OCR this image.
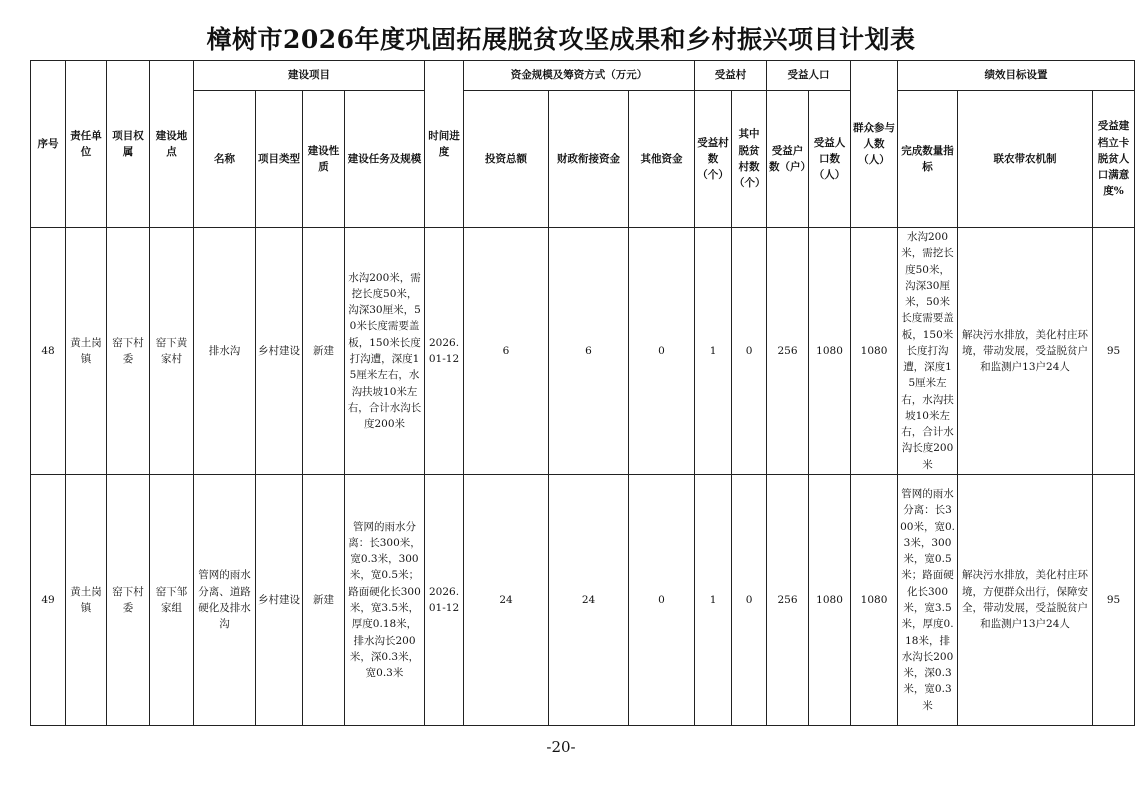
樟树市2026年度巩固拓展脱贫攻坚成果和乡村振兴项目计划表
序号	责任单位	项目权属	建设地点	建设项目				时间进度	资金规模及筹资方式（万元）			受益村		受益人口		群众参与人数（人）	绩效目标设置		
				名称	项目类型	建设性质	建设任务及规模		投资总额	财政衔接资金	其他资金	受益村数（个）	其中脱贫村数（个）	受益户数（户）	受益人口数（人）		完成数量指标	联农带农机制	受益建档立卡脱贫人口满意度%
48	黄土岗镇	窑下村委	窑下黄家村	排水沟	乡村建设	新建	水沟200米，需挖长度50米，沟深30厘米，50米长度需要盖板，150米长度打沟遭，深度15厘米左右，水沟扶坡10米左右，合计水沟长度200米	2026.01-12	6	6	0	1	0	256	1080	1080	水沟200米，需挖长度50米，沟深30厘米，50米长度需要盖板，150米长度打沟遭，深度15厘米左右，水沟扶坡10米左右，合计水沟长度200米	解决污水排放，美化村庄环境，带动发展，受益脱贫户和监测户13户24人	95
49	黄土岗镇	窑下村委	窑下邹家组	管网的雨水分离、道路硬化及排水沟	乡村建设	新建	管网的雨水分离：长300米，宽0.3米，300米，宽0.5米；路面硬化长300米，宽3.5米，厚度0.18米，排水沟长200米，深0.3米，宽0.3米	2026.01-12	24	24	0	1	0	256	1080	1080	管网的雨水分离：长300米，宽0.3米，300米，宽0.5米；路面硬化长300米，宽3.5米，厚度0.18米，排水沟长200米，深0.3米，宽0.3米	解决污水排放，美化村庄环境，方便群众出行，保障安全，带动发展，受益脱贫户和监测户13户24人	95
-20-
